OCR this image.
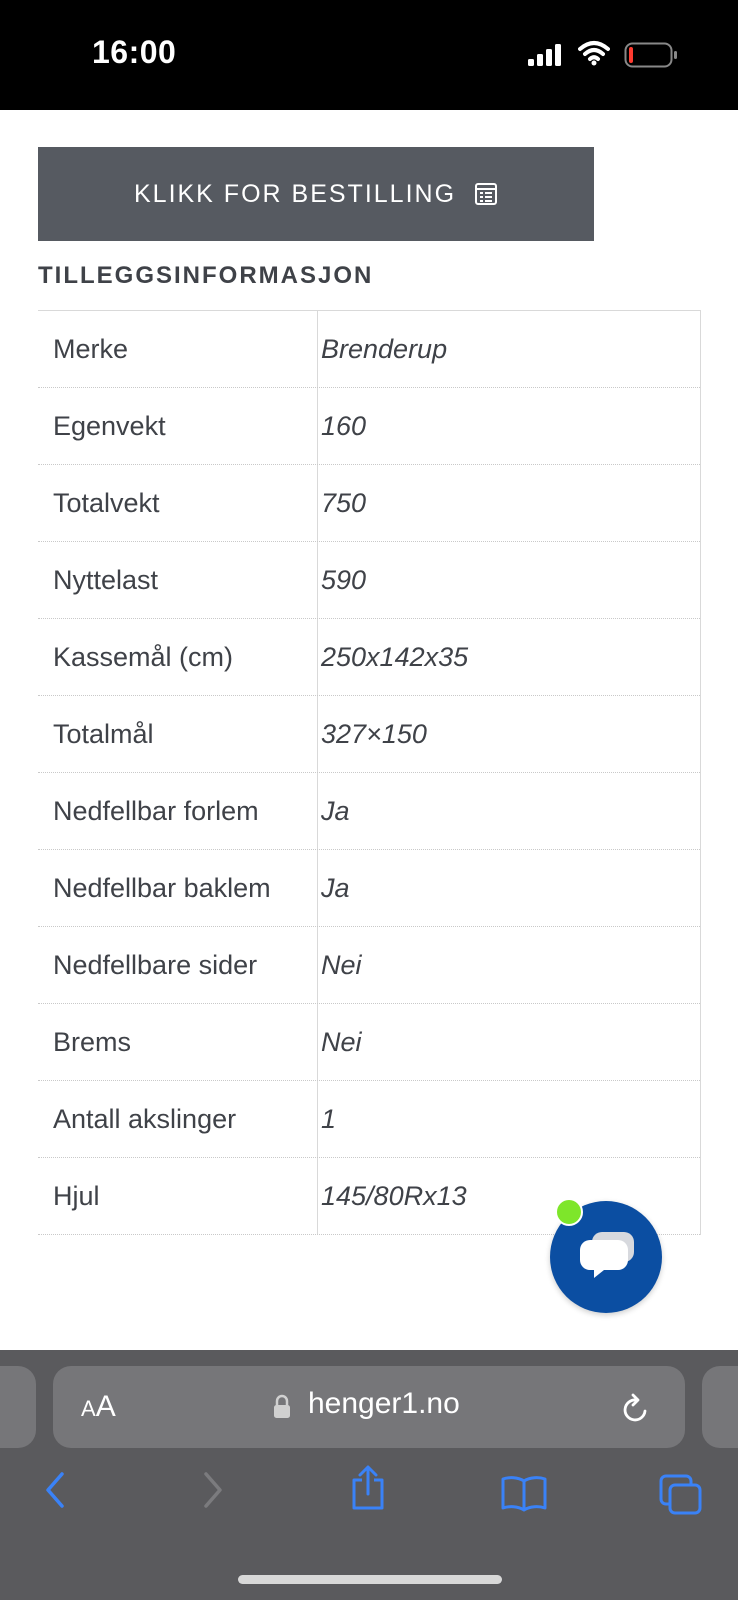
16:00
KLIKK FOR BESTILLING
TILLEGGSINFORMASJON
Merke	Brenderup
Egenvekt	160
Totalvekt	750
Nyttelast	590
Kassemål (cm)	250x142x35
Totalmål	327×150
Nedfellbar forlem	Ja
Nedfellbar baklem	Ja
Nedfellbare sider	Nei
Brems	Nei
Antall akslinger	1
Hjul	145/80Rx13
AA	henger1.no
